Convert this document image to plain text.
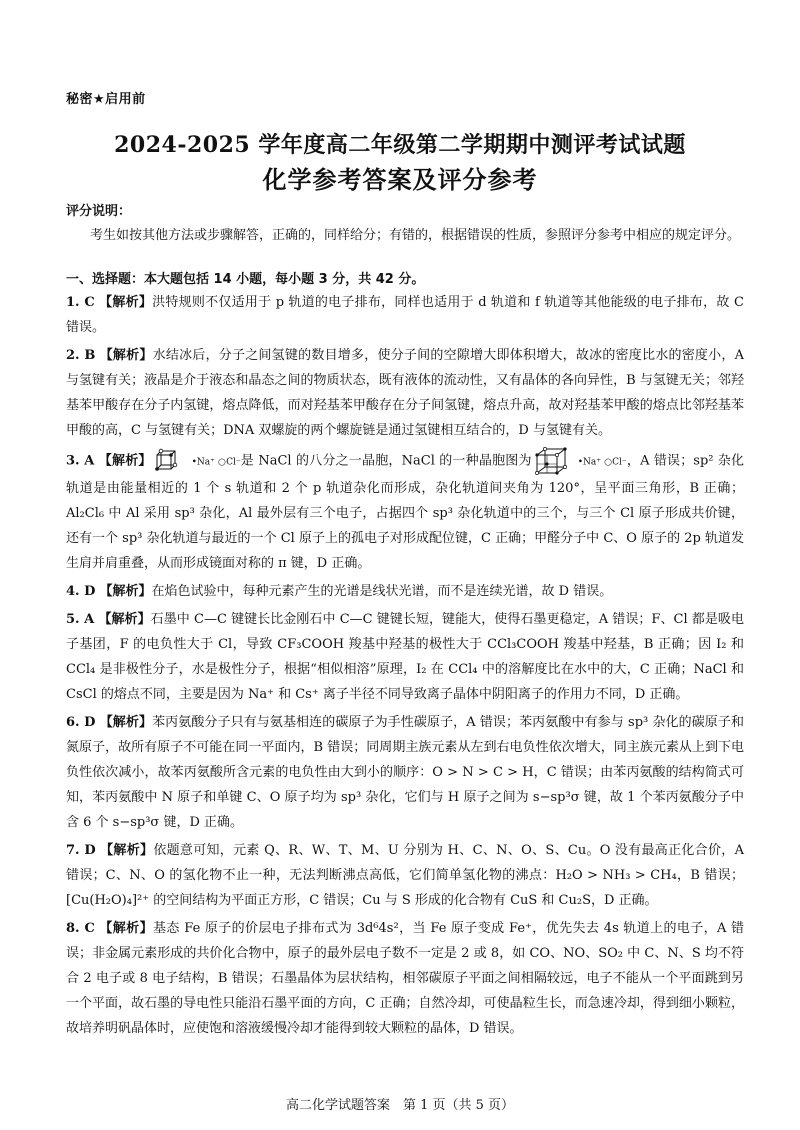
秘密★启用前
2024-2025 学年度高二年级第二学期期中测评考试试题
化学参考答案及评分参考
评分说明：
考生如按其他方法或步骤解答，正确的，同样给分；有错的，根据错误的性质，参照评分参考中相应的规定评分。
一、选择题：本大题包括 14 小题，每小题 3 分，共 42 分。
1. C 【解析】洪特规则不仅适用于 p 轨道的电子排布，同样也适用于 d 轨道和 f 轨道等其他能级的电子排布，故 C 错误。
2. B 【解析】水结冰后，分子之间氢键的数目增多，使分子间的空隙增大即体积增大，故冰的密度比水的密度小，A 与氢键有关；液晶是介于液态和晶态之间的物质状态，既有液体的流动性，又有晶体的各向异性，B 与氢键无关；邻羟基苯甲酸存在分子内氢键，熔点降低，而对羟基苯甲酸存在分子间氢键，熔点升高，故对羟基苯甲酸的熔点比邻羟基苯甲酸的高，C 与氢键有关；DNA 双螺旋的两个螺旋链是通过氢键相互结合的，D 与氢键有关。
3. A 【解析】	•Na⁺ ○Cl⁻是 NaCl 的八分之一晶胞，NaCl 的一种晶胞图为	•Na⁺ ○Cl⁻，A 错误；sp² 杂化轨道是由能量相近的 1 个 s 轨道和 2 个 p 轨道杂化而形成，杂化轨道间夹角为 120°，呈平面三角形，B 正确；Al₂Cl₆ 中 Al 采用 sp³ 杂化，Al 最外层有三个电子，占据四个 sp³ 杂化轨道中的三个，与三个 Cl 原子形成共价键，还有一个 sp³ 杂化轨道与最近的一个 Cl 原子上的孤电子对形成配位键，C 正确；甲醛分子中 C、O 原子的 2p 轨道发生肩并肩重叠，从而形成镜面对称的 π 键，D 正确。
4. D 【解析】在焰色试验中，每种元素产生的光谱是线状光谱，而不是连续光谱，故 D 错误。
5. A 【解析】石墨中 C—C 键键长比金刚石中 C—C 键键长短，键能大，使得石墨更稳定，A 错误；F、Cl 都是吸电子基团，F 的电负性大于 Cl，导致 CF₃COOH 羧基中羟基的极性大于 CCl₃COOH 羧基中羟基，B 正确；因 I₂ 和 CCl₄ 是非极性分子，水是极性分子，根据“相似相溶”原理，I₂ 在 CCl₄ 中的溶解度比在水中的大，C 正确；NaCl 和 CsCl 的熔点不同，主要是因为 Na⁺ 和 Cs⁺ 离子半径不同导致离子晶体中阴阳离子的作用力不同，D 正确。
6. D 【解析】苯丙氨酸分子只有与氨基相连的碳原子为手性碳原子，A 错误；苯丙氨酸中有参与 sp³ 杂化的碳原子和氮原子，故所有原子不可能在同一平面内，B 错误；同周期主族元素从左到右电负性依次增大，同主族元素从上到下电负性依次减小，故苯丙氨酸所含元素的电负性由大到小的顺序：O > N > C > H，C 错误；由苯丙氨酸的结构简式可知，苯丙氨酸中 N 原子和单键 C、O 原子均为 sp³ 杂化，它们与 H 原子之间为 s−sp³σ 键，故 1 个苯丙氨酸分子中含 6 个 s−sp³σ 键，D 正确。
7. D 【解析】依题意可知，元素 Q、R、W、T、M、U 分别为 H、C、N、O、S、Cu。O 没有最高正化合价，A 错误；C、N、O 的氢化物不止一种，无法判断沸点高低，它们简单氢化物的沸点：H₂O > NH₃ > CH₄，B 错误；[Cu(H₂O)₄]²⁺ 的空间结构为平面正方形，C 错误；Cu 与 S 形成的化合物有 CuS 和 Cu₂S，D 正确。
8. C 【解析】基态 Fe 原子的价层电子排布式为 3d⁶4s²，当 Fe 原子变成 Fe⁺，优先失去 4s 轨道上的电子，A 错误；非金属元素形成的共价化合物中，原子的最外层电子数不一定是 2 或 8，如 CO、NO、SO₂ 中 C、N、S 均不符合 2 电子或 8 电子结构，B 错误；石墨晶体为层状结构，相邻碳原子平面之间相隔较远，电子不能从一个平面跳到另一个平面，故石墨的导电性只能沿石墨平面的方向，C 正确；自然冷却，可使晶粒生长，而急速冷却，得到细小颗粒，故培养明矾晶体时，应使饱和溶液缓慢冷却才能得到较大颗粒的晶体，D 错误。
高二化学试题答案　第 1 页（共 5 页）
